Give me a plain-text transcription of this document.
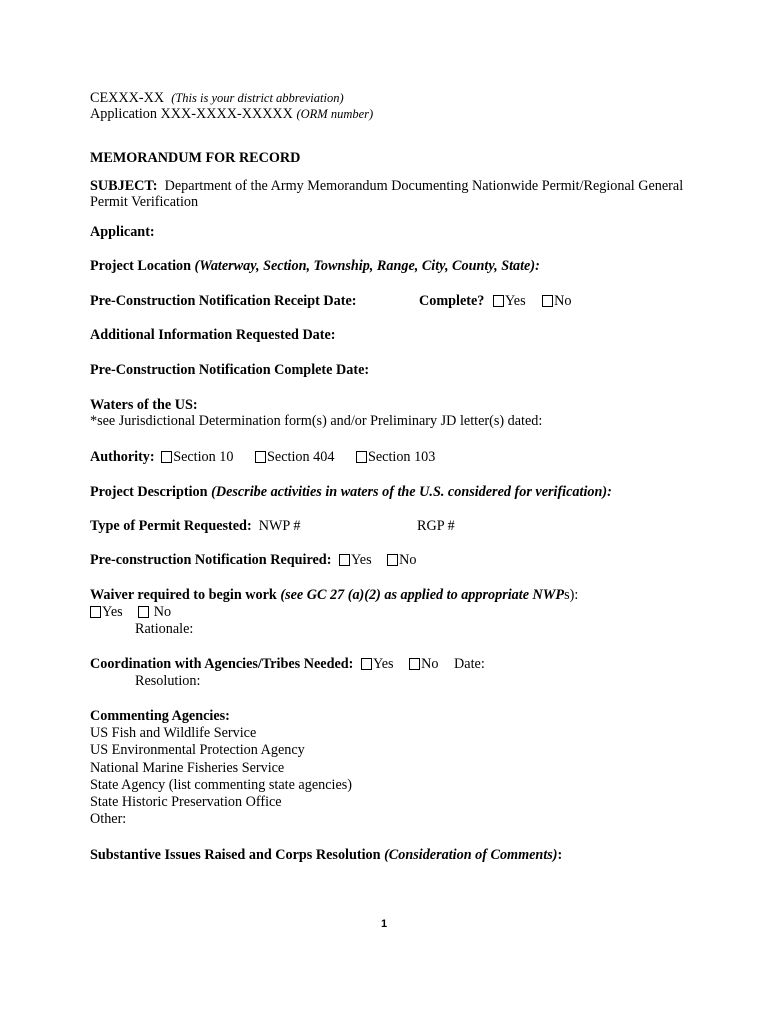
CEXXX-XX (This is your district abbreviation)
Application XXX-XXXX-XXXXX (ORM number)
MEMORANDUM FOR RECORD
SUBJECT: Department of the Army Memorandum Documenting Nationwide Permit/Regional General
Permit Verification
Applicant:
Project Location (Waterway, Section, Township, Range, City, County, State):
Pre-Construction Notification Receipt Date:	Complete? Yes No
Additional Information Requested Date:
Pre-Construction Notification Complete Date:
Waters of the US:
*see Jurisdictional Determination form(s) and/or Preliminary JD letter(s) dated:
Authority: Section 10 Section 404 Section 103
Project Description (Describe activities in waters of the U.S. considered for verification):
Type of Permit Requested: NWP #	RGP #
Pre-construction Notification Required: Yes No
Waiver required to begin work (see GC 27 (a)(2) as applied to appropriate NWPs):
Yes No
Rationale:
Coordination with Agencies/Tribes Needed: Yes No Date:
Resolution:
Commenting Agencies:
US Fish and Wildlife Service
US Environmental Protection Agency
National Marine Fisheries Service
State Agency (list commenting state agencies)
State Historic Preservation Office
Other:
Substantive Issues Raised and Corps Resolution (Consideration of Comments):
1
